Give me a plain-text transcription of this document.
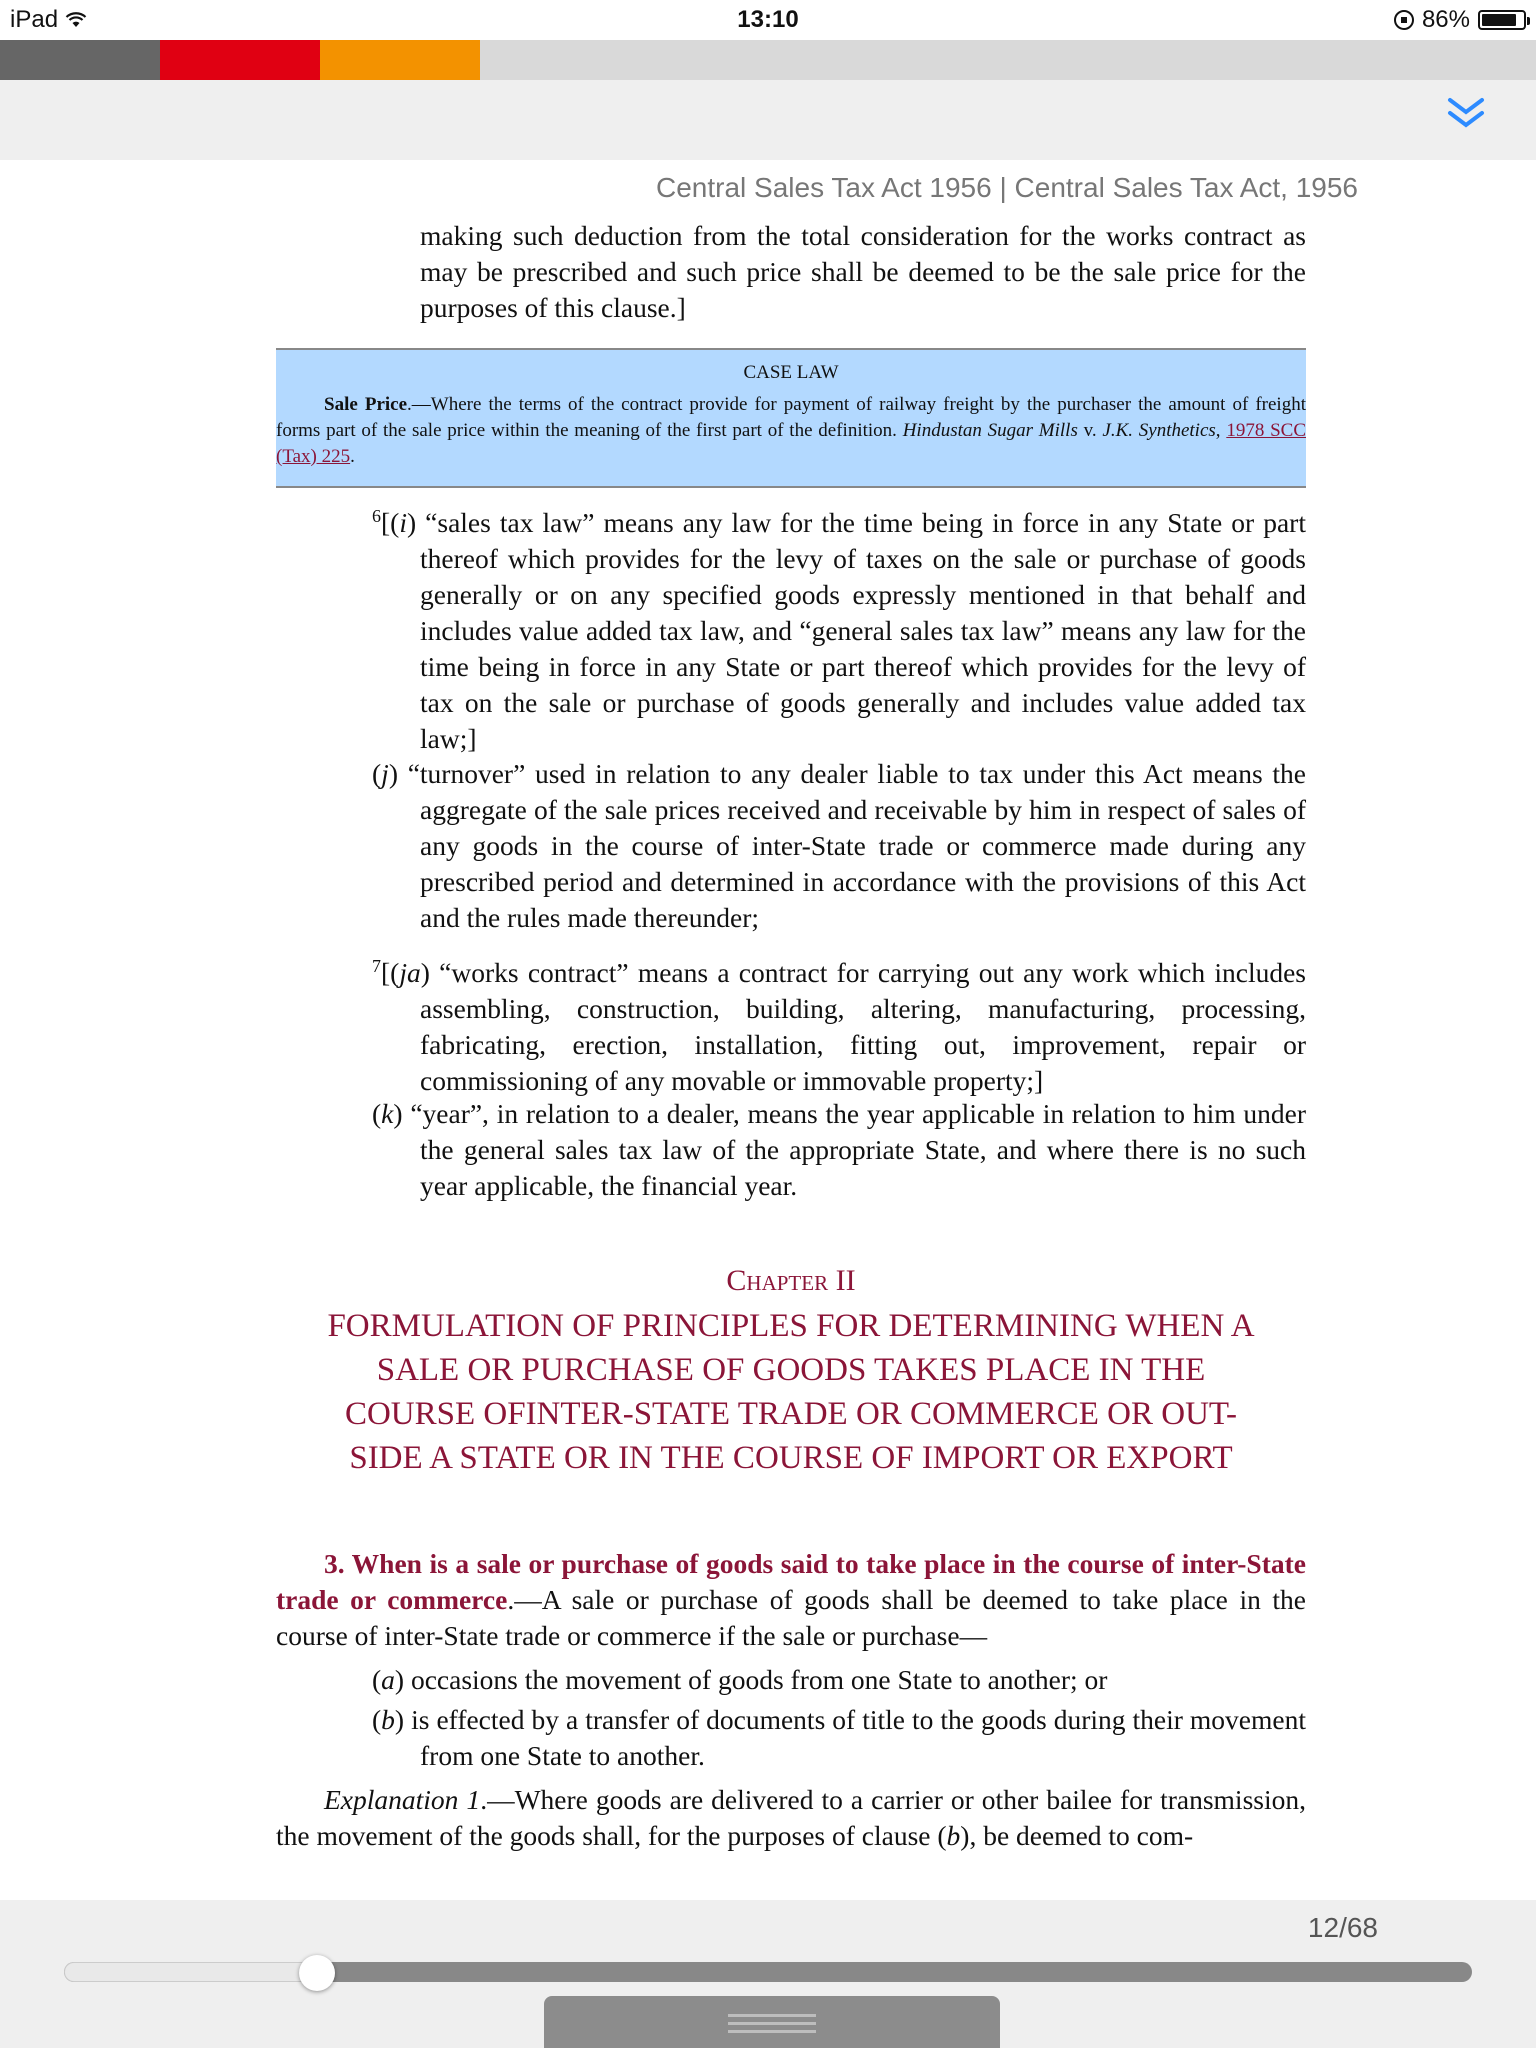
iPad	13:10	86%
Central Sales Tax Act 1956 | Central Sales Tax Act, 1956
making such deduction from the total consideration for the works contract as may be prescribed and such price shall be deemed to be the sale price for the purposes of this clause.]
CASE LAW
Sale Price.—Where the terms of the contract provide for payment of railway freight by the purchaser the amount of freight forms part of the sale price within the meaning of the first part of the definition. Hindustan Sugar Mills v. J.K. Synthetics, 1978 SCC (Tax) 225.
$^6$[(i) “sales tax law” means any law for the time being in force in any State or part thereof which provides for the levy of taxes on the sale or purchase of goods generally or on any specified goods expressly mentioned in that behalf and includes value added tax law, and “general sales tax law” means any law for the time being in force in any State or part thereof which provides for the levy of tax on the sale or purchase of goods generally and includes value added tax law;]
(j) “turnover” used in relation to any dealer liable to tax under this Act means the aggregate of the sale prices received and receivable by him in respect of sales of any goods in the course of inter-State trade or commerce made during any prescribed period and determined in accordance with the provisions of this Act and the rules made thereunder;
$^7$[(ja) “works contract” means a contract for carrying out any work which includes assembling, construction, building, altering, manufacturing, processing, fabricating, erection, installation, fitting out, improvement, repair or commissioning of any movable or immovable property;]
(k) “year”, in relation to a dealer, means the year applicable in relation to him under the general sales tax law of the appropriate State, and where there is no such year applicable, the financial year.
Chapter II
FORMULATION OF PRINCIPLES FOR DETERMINING WHEN A
SALE OR PURCHASE OF GOODS TAKES PLACE IN THE
COURSE OFINTER-STATE TRADE OR COMMERCE OR OUT-
SIDE A STATE OR IN THE COURSE OF IMPORT OR EXPORT
3. When is a sale or purchase of goods said to take place in the course of inter-State trade or commerce.—A sale or purchase of goods shall be deemed to take place in the course of inter-State trade or commerce if the sale or purchase—
(a) occasions the movement of goods from one State to another; or
(b) is effected by a transfer of documents of title to the goods during their movement from one State to another.
Explanation 1.—Where goods are delivered to a carrier or other bailee for transmission, the movement of the goods shall, for the purposes of clause (b), be deemed to com-
12/68
